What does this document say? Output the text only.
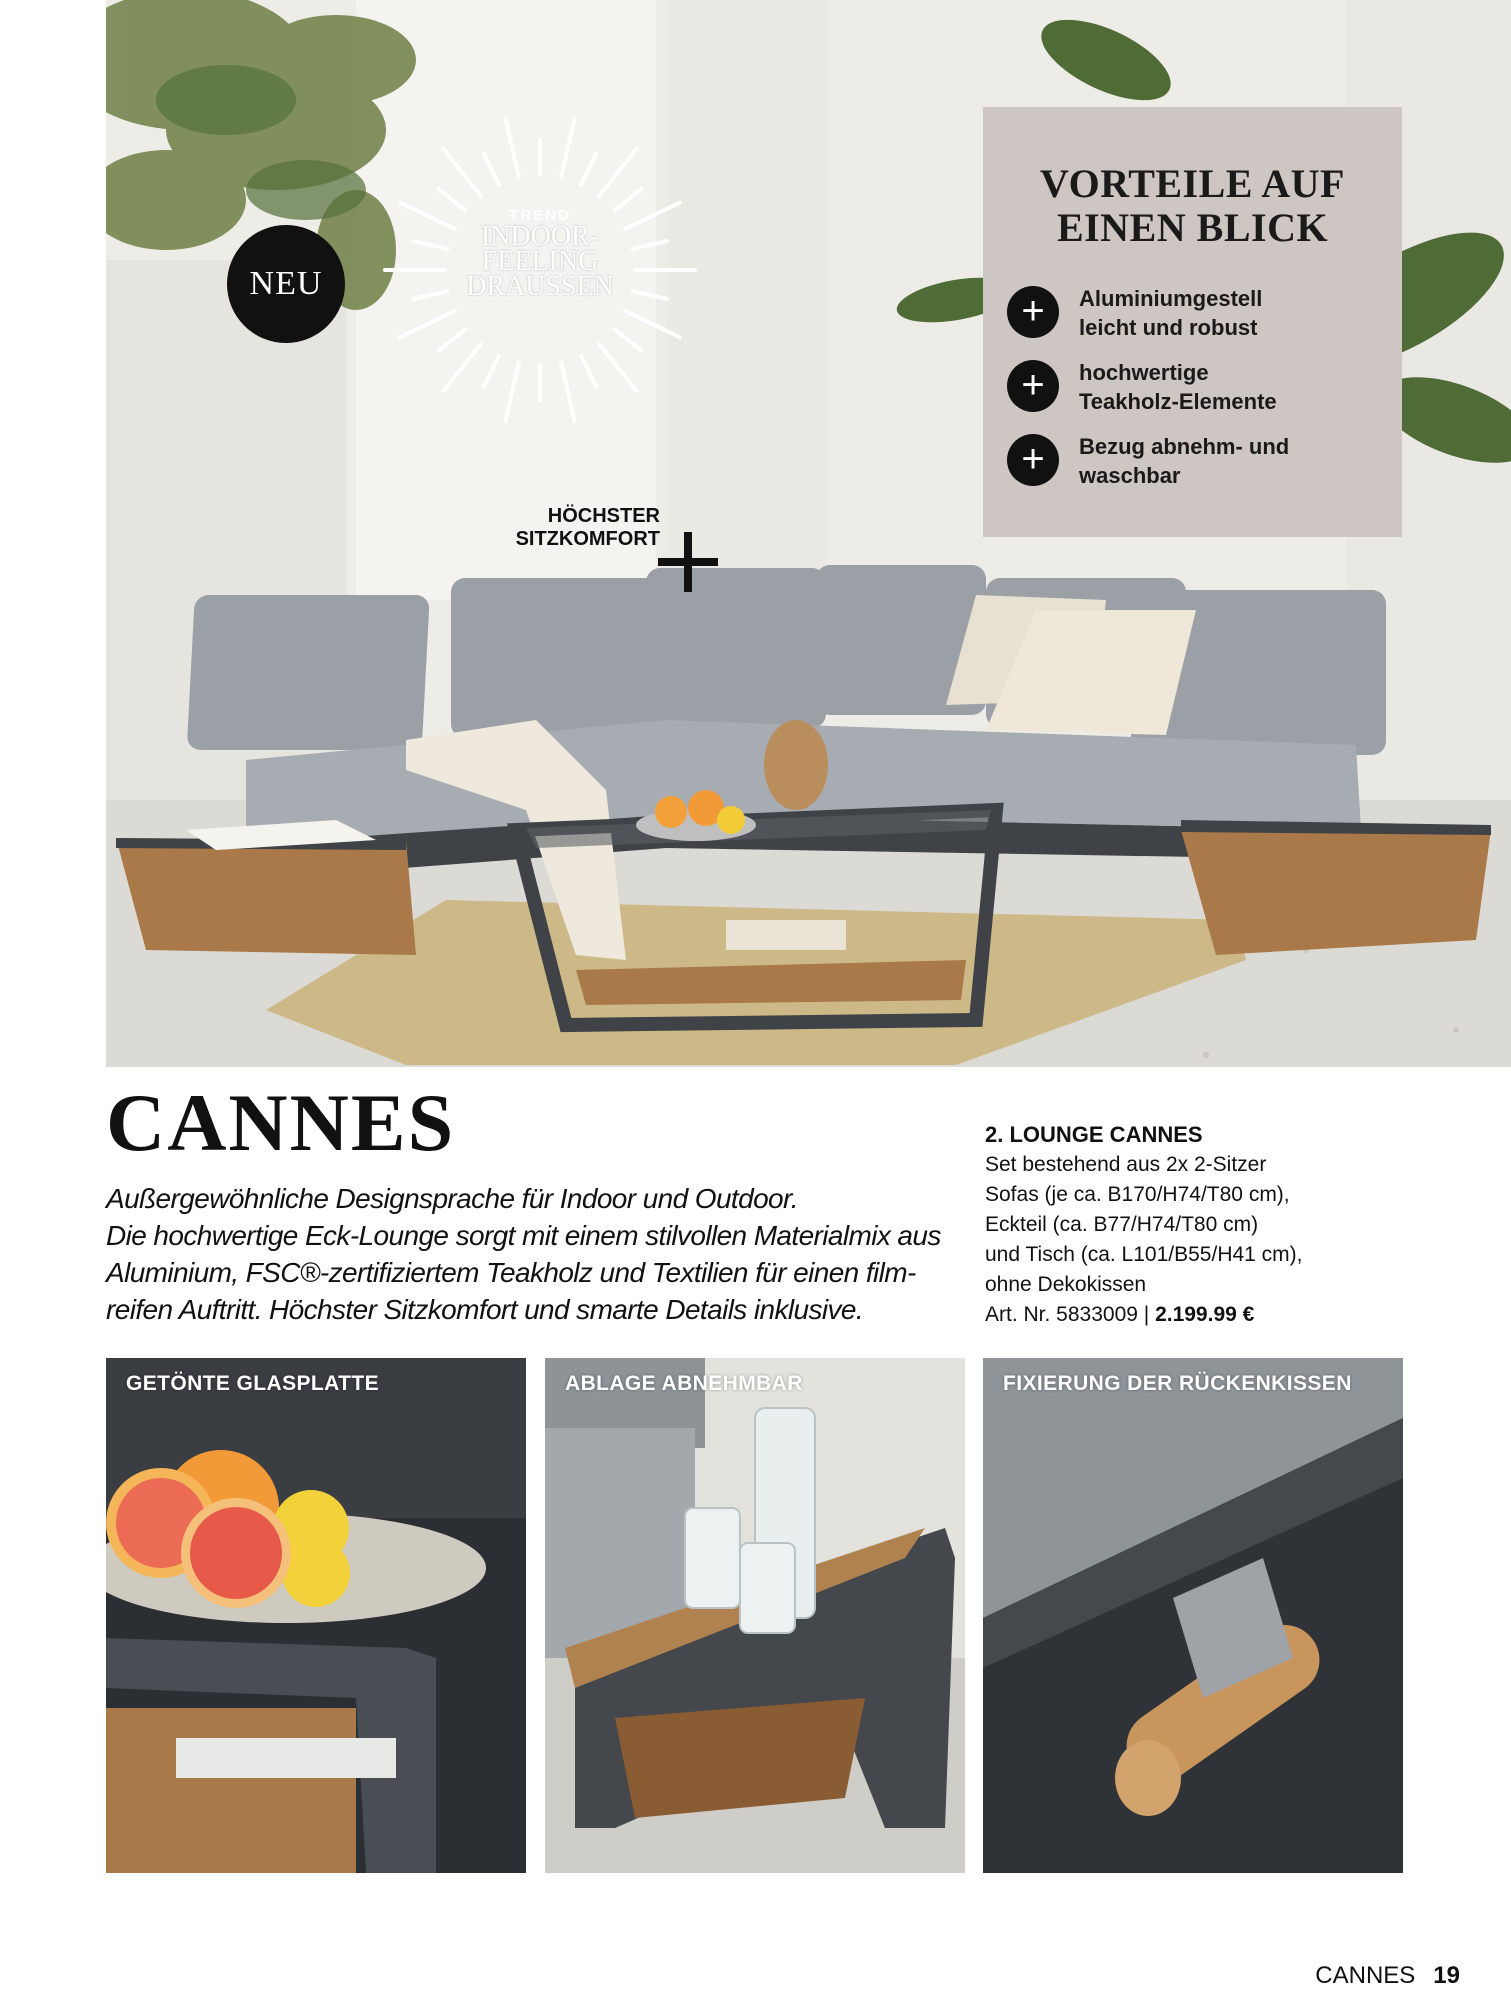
NEU
TREND
INDOOR-
FEELING
DRAUSSEN
VORTEILE AUF
EINEN BLICK
+	Aluminiumgestell
leicht und robust
+	hochwertige
Teakholz-Elemente
+	Bezug abnehm- und
waschbar
HÖCHSTER
SITZKOMFORT
CANNES

Außergewöhnliche Designsprache für Indoor und Outdoor.

Die hochwertige Eck-Lounge sorgt mit einem stilvollen Materialmix aus

Aluminium, FSC®-zertifiziertem Teakholz und Textilien für einen film-

reifen Auftritt. Höchster Sitzkomfort und smarte Details inklusive.

2. LOUNGE CANNES
Set bestehend aus 2x 2-Sitzer
Sofas (je ca. B170/H74/T80 cm),
Eckteil (ca. B77/H74/T80 cm)
und Tisch (ca. L101/B55/H41 cm),
ohne Dekokissen
Art. Nr. 5833009 | 2.199.99 €
GETÖNTE GLASPLATTE	ABLAGE ABNEHMBAR	FIXIERUNG DER RÜCKENKISSEN
CANNES 19
